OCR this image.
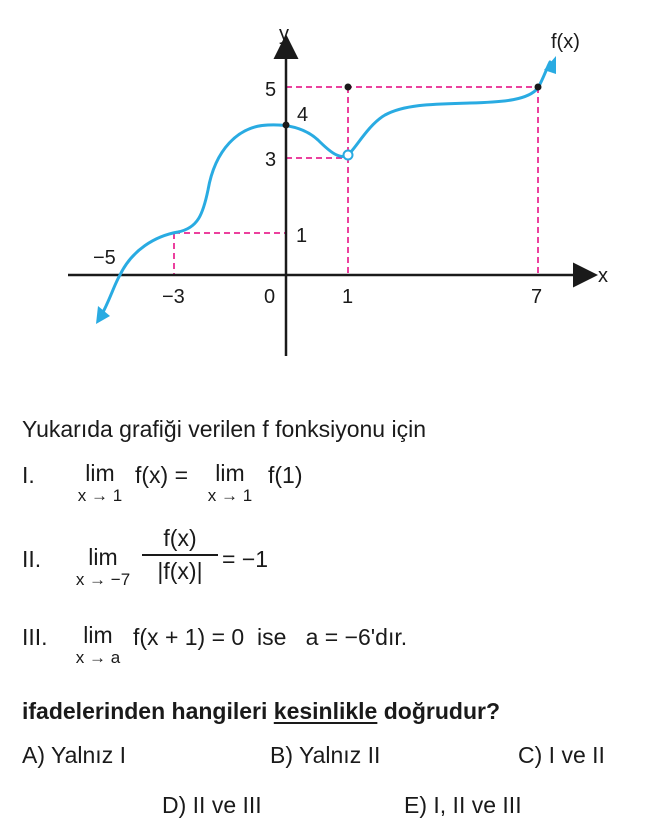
f(x)
y
x
−5
−3	0	1	7
1
3
4
5
Yukarıda grafiği verilen f fonksiyonu için
I.	lim
x → 1
f(x) =	lim
x → 1
f(1)
II.	lim
x → −7
f(x)
|f(x)| = −1
III.	lim
x → a
f(x + 1) = 0  ise   a = −6'dır.
ifadelerinden hangileri kesinlikle doğrudur?
A) Yalnız I	B) Yalnız II	C) I ve II
D) II ve III	E) I, II ve III
